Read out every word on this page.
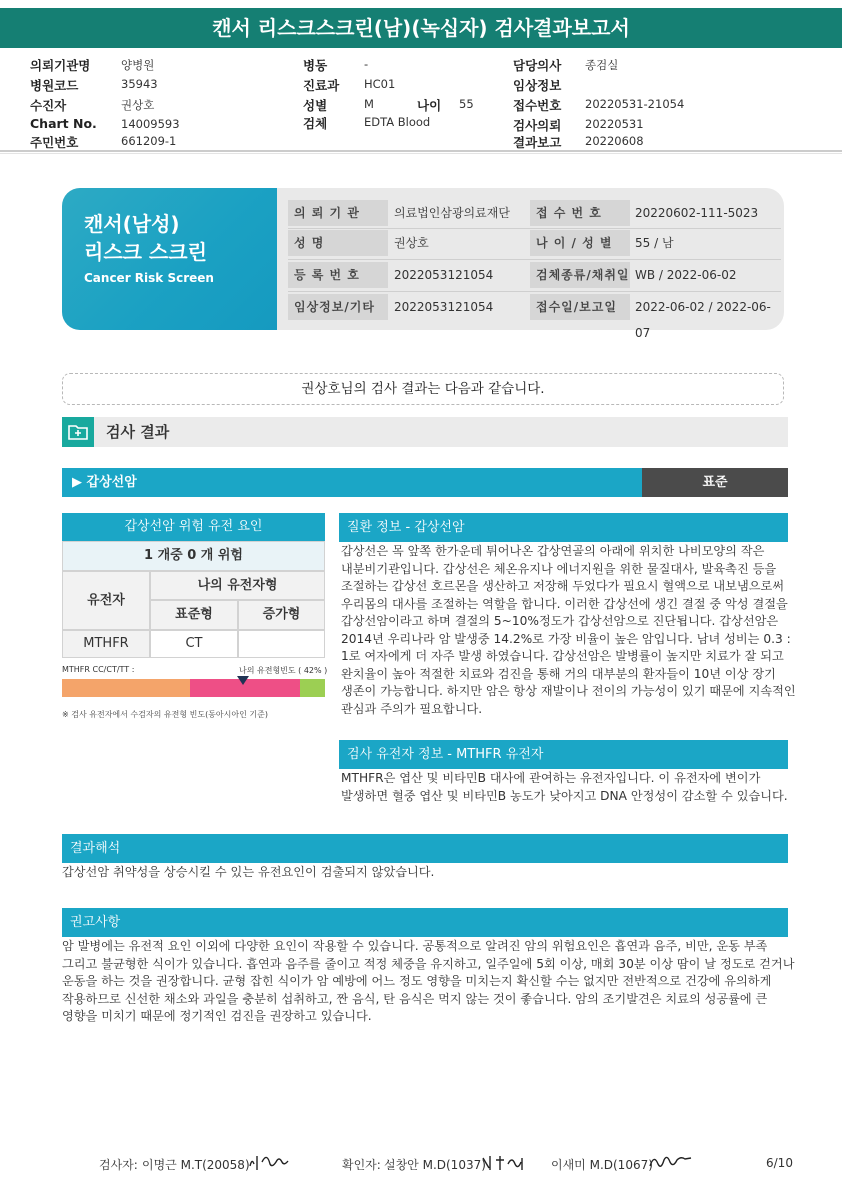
캔서 리스크스크린(남)(녹십자) 검사결과보고서
의뢰기관명	양병원
병원코드	35943
수진자	권상호
Chart No. 14009593
주민번호	661209-1
병동	-
진료과 HC01
성별	M	나이 55
검체	EDTA Blood
담당의사 종검실
임상정보
접수번호 20220531-21054
검사의뢰 20220531
결과보고 20220608
캔서(남성)
리스크 스크린
Cancer Risk Screen
의 뢰 기 관	의료법인삼광의료재단	접 수 번 호	20220602-111-5023
성 명	권상호	나 이 / 성 별	55 / 남
등 록 번 호	2022053121054	검체종류/채취일 WB / 2022-06-02
임상정보/기타	2022053121054	접수일/보고일	2022-06-02 / 2022-06-07
권상호님의 검사 결과는 다음과 같습니다.
검사 결과
▶ 갑상선암	표준
갑상선암 위험 유전 요인
1 개중 0 개 위험
유전자
나의 유전자형
표준형	증가형
MTHFR	CT
MTHFR CC/CT/TT :	나의 유전형빈도 ( 42% )
※ 검사 유전자에서 수검자의 유전형 빈도(동아시아인 기준)
질환 정보 - 갑상선암
갑상선은 목 앞쪽 한가운데 튀어나온 갑상연골의 아래에 위치한 나비모양의 작은
내분비기관입니다. 갑상선은 체온유지나 에너지원을 위한 물질대사, 발육촉진 등을
조절하는 갑상선 호르몬을 생산하고 저장해 두었다가 필요시 혈액으로 내보냄으로써
우리몸의 대사를 조절하는 역할을 합니다. 이러한 갑상선에 생긴 결절 중 악성 결절을
갑상선암이라고 하며 결절의 5~10%정도가 갑상선암으로 진단됩니다. 갑상선암은
2014년 우리나라 암 발생중 14.2%로 가장 비율이 높은 암입니다. 남녀 성비는 0.3 :
1로 여자에게 더 자주 발생 하였습니다. 갑상선암은 발병률이 높지만 치료가 잘 되고
완치율이 높아 적절한 치료와 검진을 통해 거의 대부분의 환자들이 10년 이상 장기
생존이 가능합니다. 하지만 암은 항상 재발이나 전이의 가능성이 있기 때문에 지속적인
관심과 주의가 필요합니다.
검사 유전자 정보 - MTHFR 유전자
MTHFR은 엽산 및 비타민B 대사에 관여하는 유전자입니다. 이 유전자에 변이가
발생하면 혈중 엽산 및 비타민B 농도가 낮아지고 DNA 안정성이 감소할 수 있습니다.
결과해석
갑상선암 취약성을 상승시킬 수 있는 유전요인이 검출되지 않았습니다.
권고사항
암 발병에는 유전적 요인 이외에 다양한 요인이 작용할 수 있습니다. 공통적으로 알려진 암의 위험요인은 흡연과 음주, 비만, 운동 부족
그리고 불균형한 식이가 있습니다. 흡연과 음주를 줄이고 적정 체중을 유지하고, 일주일에 5회 이상, 매회 30분 이상 땀이 날 정도로 걷거나
운동을 하는 것을 권장합니다. 균형 잡힌 식이가 암 예방에 어느 정도 영향을 미치는지 확신할 수는 없지만 전반적으로 건강에 유의하게
작용하므로 신선한 채소와 과일을 충분히 섭취하고, 짠 음식, 탄 음식은 먹지 않는 것이 좋습니다. 암의 조기발견은 치료의 성공률에 큰
영향을 미치기 때문에 정기적인 검진을 권장하고 있습니다.
검사자: 이명근 M.T(20058)	확인자: 설창안 M.D(1037)	이새미 M.D(1067)	6/10
